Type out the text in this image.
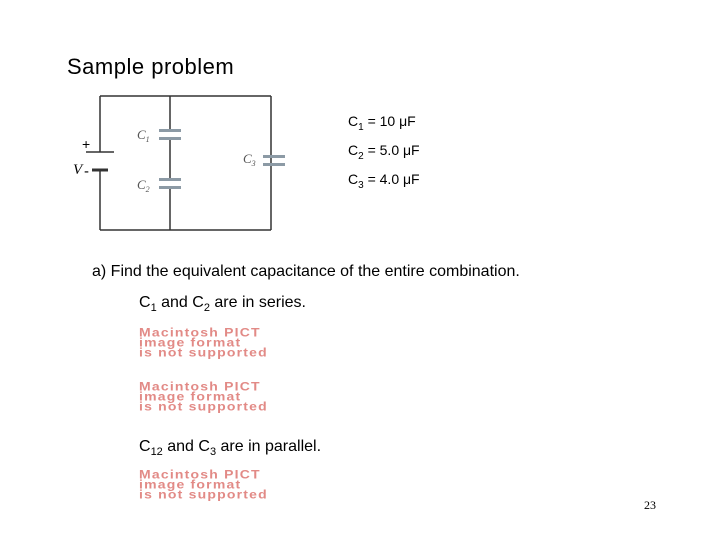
Sample problem
+
-
V
$C_1$
$C_2$
$C_3$
$C_1 = 10$ μF
$C_2 = 5.0$ μF
$C_3 = 4.0$ μF
a) Find the equivalent capacitance of the entire combination.
$C_1$ and $C_2$ are in series.
Macintosh PICT
image format
is not supported
Macintosh PICT
image format
is not supported
$C_{12}$ and $C_3$ are in parallel.
Macintosh PICT
image format
is not supported
23
